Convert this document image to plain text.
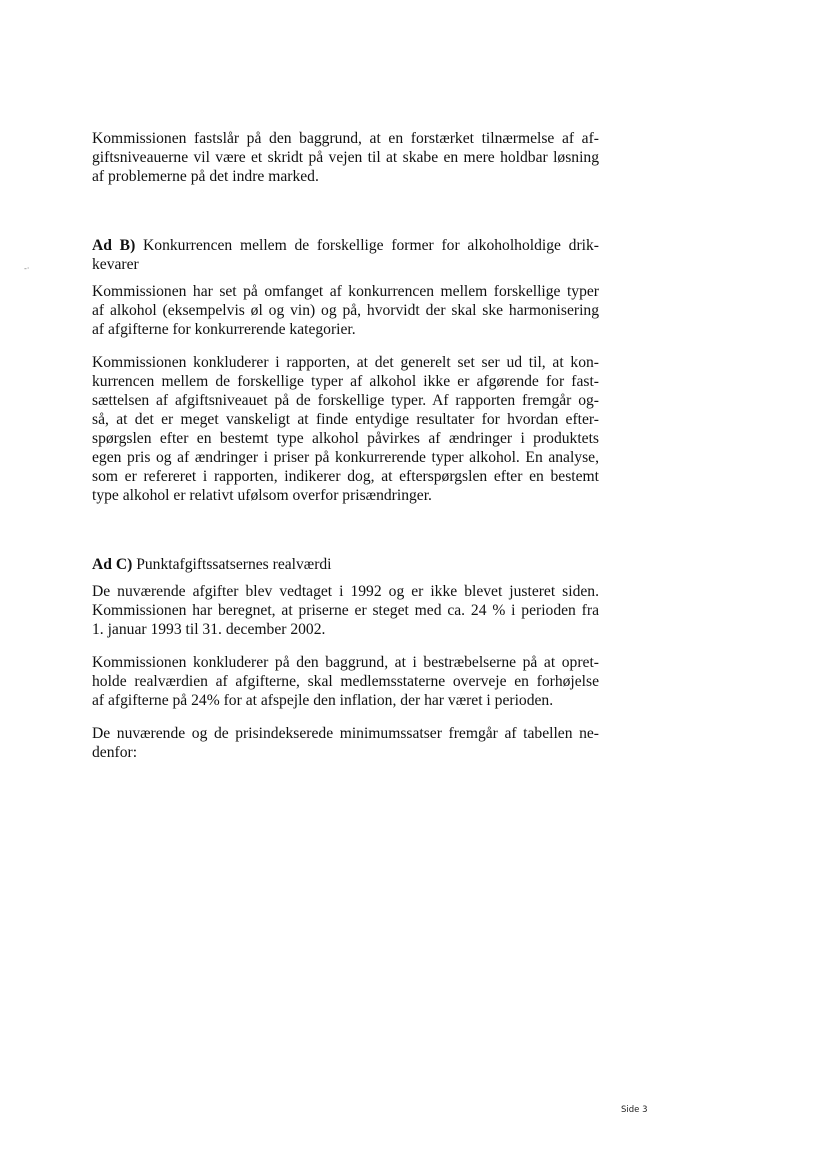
-·

Kommissionen fastslår på den baggrund, at en forstærket tilnærmelse af af-
giftsniveauerne vil være et skridt på vejen til at skabe en mere holdbar løsning
af problemerne på det indre marked.

Ad B) Konkurrencen mellem de forskellige former for alkoholholdige drik-
kevarer

Kommissionen har set på omfanget af konkurrencen mellem forskellige typer
af alkohol (eksempelvis øl og vin) og på, hvorvidt der skal ske harmonisering
af afgifterne for konkurrerende kategorier.

Kommissionen konkluderer i rapporten, at det generelt set ser ud til, at kon-
kurrencen mellem de forskellige typer af alkohol ikke er afgørende for fast-
sættelsen af afgiftsniveauet på de forskellige typer. Af rapporten fremgår og-
så, at det er meget vanskeligt at finde entydige resultater for hvordan efter-
spørgslen efter en bestemt type alkohol påvirkes af ændringer i produktets
egen pris og af ændringer i priser på konkurrerende typer alkohol. En analyse,
som er refereret i rapporten, indikerer dog, at efterspørgslen efter en bestemt
type alkohol er relativt ufølsom overfor prisændringer.

Ad C) Punktafgiftssatsernes realværdi

De nuværende afgifter blev vedtaget i 1992 og er ikke blevet justeret siden.
Kommissionen har beregnet, at priserne er steget med ca. 24 % i perioden fra
1. januar 1993 til 31. december 2002.

Kommissionen konkluderer på den baggrund, at i bestræbelserne på at opret-
holde realværdien af afgifterne, skal medlemsstaterne overveje en forhøjelse
af afgifterne på 24% for at afspejle den inflation, der har været i perioden.

De nuværende og de prisindekserede minimumssatser fremgår af tabellen ne-
denfor:

Side 3
